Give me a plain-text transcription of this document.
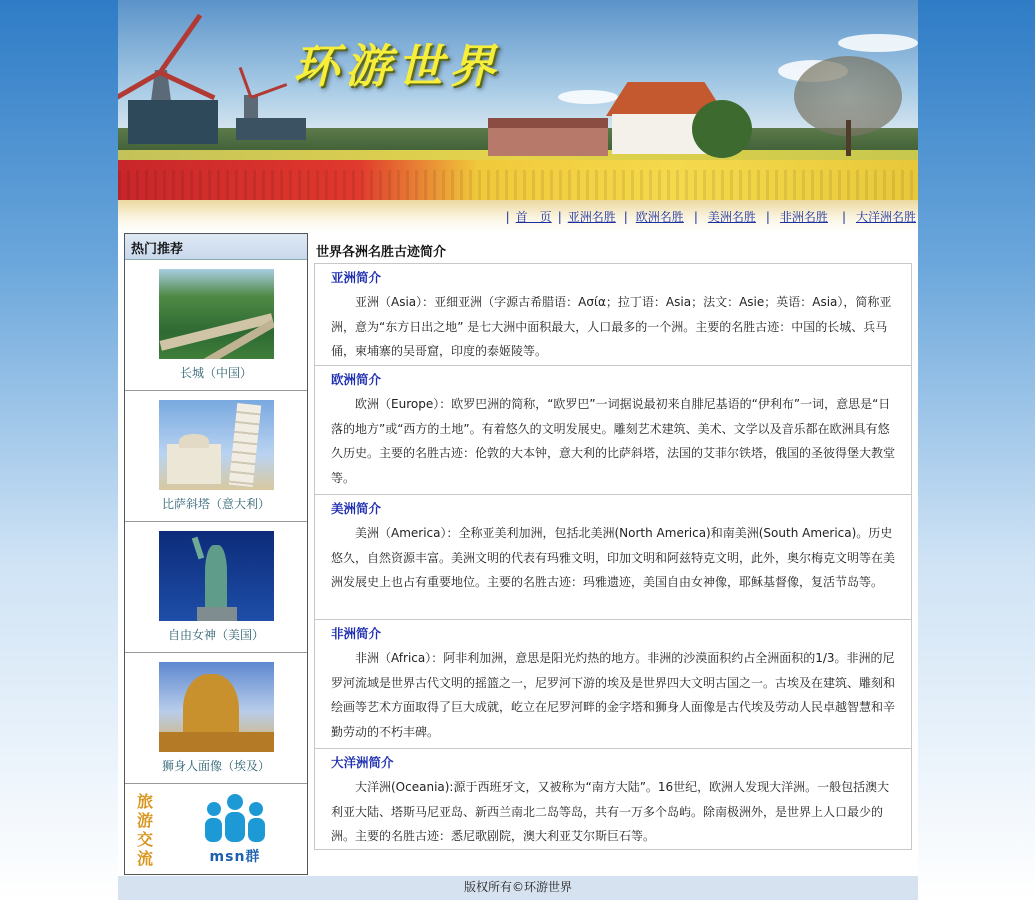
环游世界
| 首　页 | 亚洲名胜 | 欧洲名胜 | 美洲名胜 | 非洲名胜	| 大洋洲名胜
热门推荐
长城（中国）
比萨斜塔（意大利）
自由女神（美国）
狮身人面像（埃及）
旅游交流	msn群
世界各洲名胜古迹简介
亚洲简介

亚洲（Asia）：亚细亚洲（字源古希腊语：Ασία；拉丁语：Asia；法文：Asie；英语：Asia），简称亚洲，意为“东方日出之地” 是七大洲中面积最大，人口最多的一个洲。主要的名胜古迹：中国的长城、兵马俑，柬埔寨的吴哥窟，印度的泰姬陵等。

欧洲简介

欧洲（Europe）：欧罗巴洲的简称，“欧罗巴”一词据说最初来自腓尼基语的“伊利布”一词，意思是“日落的地方”或“西方的土地”。有着悠久的文明发展史。雕刻艺术建筑、美术、文学以及音乐都在欧洲具有悠久历史。主要的名胜古迹：伦敦的大本钟，意大利的比萨斜塔，法国的艾菲尔铁塔，俄国的圣彼得堡大教堂等。

美洲简介

美洲（America）：全称亚美利加洲，包括北美洲(North America)和南美洲(South America)。历史悠久，自然资源丰富。美洲文明的代表有玛雅文明，印加文明和阿兹特克文明，此外，奥尔梅克文明等在美洲发展史上也占有重要地位。主要的名胜古迹：玛雅遗迹，美国自由女神像，耶稣基督像，复活节岛等。

非洲简介

非洲（Africa）：阿非利加洲，意思是阳光灼热的地方。非洲的沙漠面积约占全洲面积的1/3。非洲的尼罗河流域是世界古代文明的摇篮之一，尼罗河下游的埃及是世界四大文明古国之一。古埃及在建筑、雕刻和绘画等艺术方面取得了巨大成就，屹立在尼罗河畔的金字塔和狮身人面像是古代埃及劳动人民卓越智慧和辛勤劳动的不朽丰碑。

大洋洲简介

大洋洲(Oceania):源于西班牙文，又被称为“南方大陆”。16世纪，欧洲人发现大洋洲。一般包括澳大利亚大陆、塔斯马尼亚岛、新西兰南北二岛等岛，共有一万多个岛屿。除南极洲外，是世界上人口最少的洲。主要的名胜古迹：悉尼歌剧院，澳大利亚艾尔斯巨石等。

版权所有©环游世界
